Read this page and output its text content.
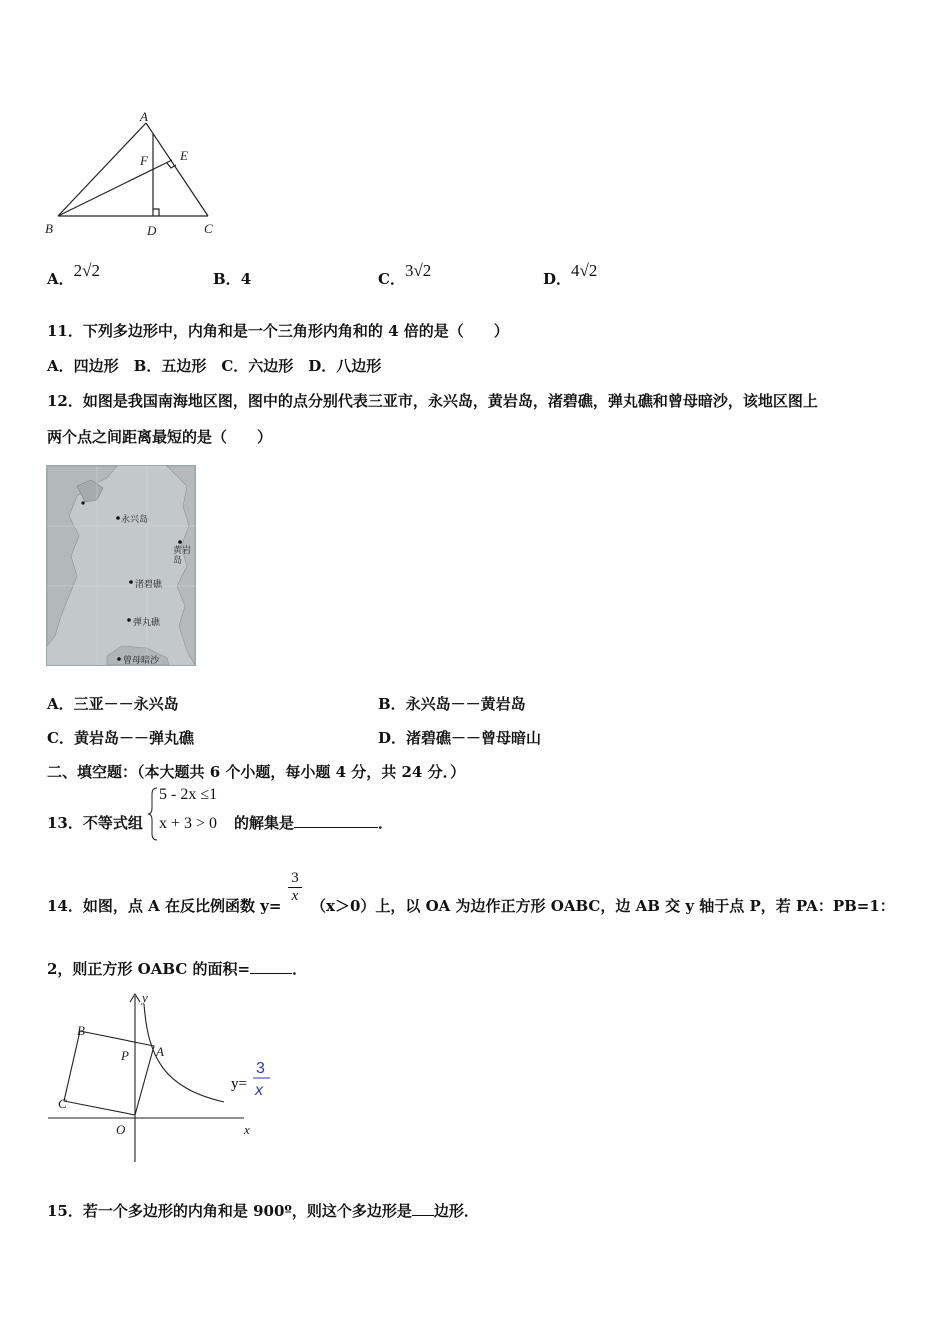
A
B	C
D
E
F
A．2√2	B．4	C．3√2	D．4√2
11．下列多边形中，内角和是一个三角形内角和的 4 倍的是（　　）
A．四边形　B．五边形　C．六边形　D．八边形
12．如图是我国南海地区图，图中的点分别代表三亚市，永兴岛，黄岩岛，渚碧礁，弹丸礁和曾母暗沙，该地区图上
两个点之间距离最短的是（　　）
永兴岛
黄岩岛
渚碧礁
弹丸礁
曾母暗沙
A．三亚－－永兴岛	B．永兴岛－－黄岩岛
C．黄岩岛－－弹丸礁	D．渚碧礁－－曾母暗山
二、填空题：（本大题共 6 个小题，每小题 4 分，共 24 分．）
13．不等式组
5 - 2x ≤1
x + 3 > 0 的解集是	．
14．如图，点 A 在反比例函数 y=
$\frac{3}{x}$
（x＞0）上，以 OA 为边作正方形 OABC，边 AB 交 y 轴于点 P，若 PA：PB=1：
2，则正方形 OABC 的面积=	．
y
x
O
A
B
C
P
y=
3
x
15．若一个多边形的内角和是 900º，则这个多边形是 边形．
